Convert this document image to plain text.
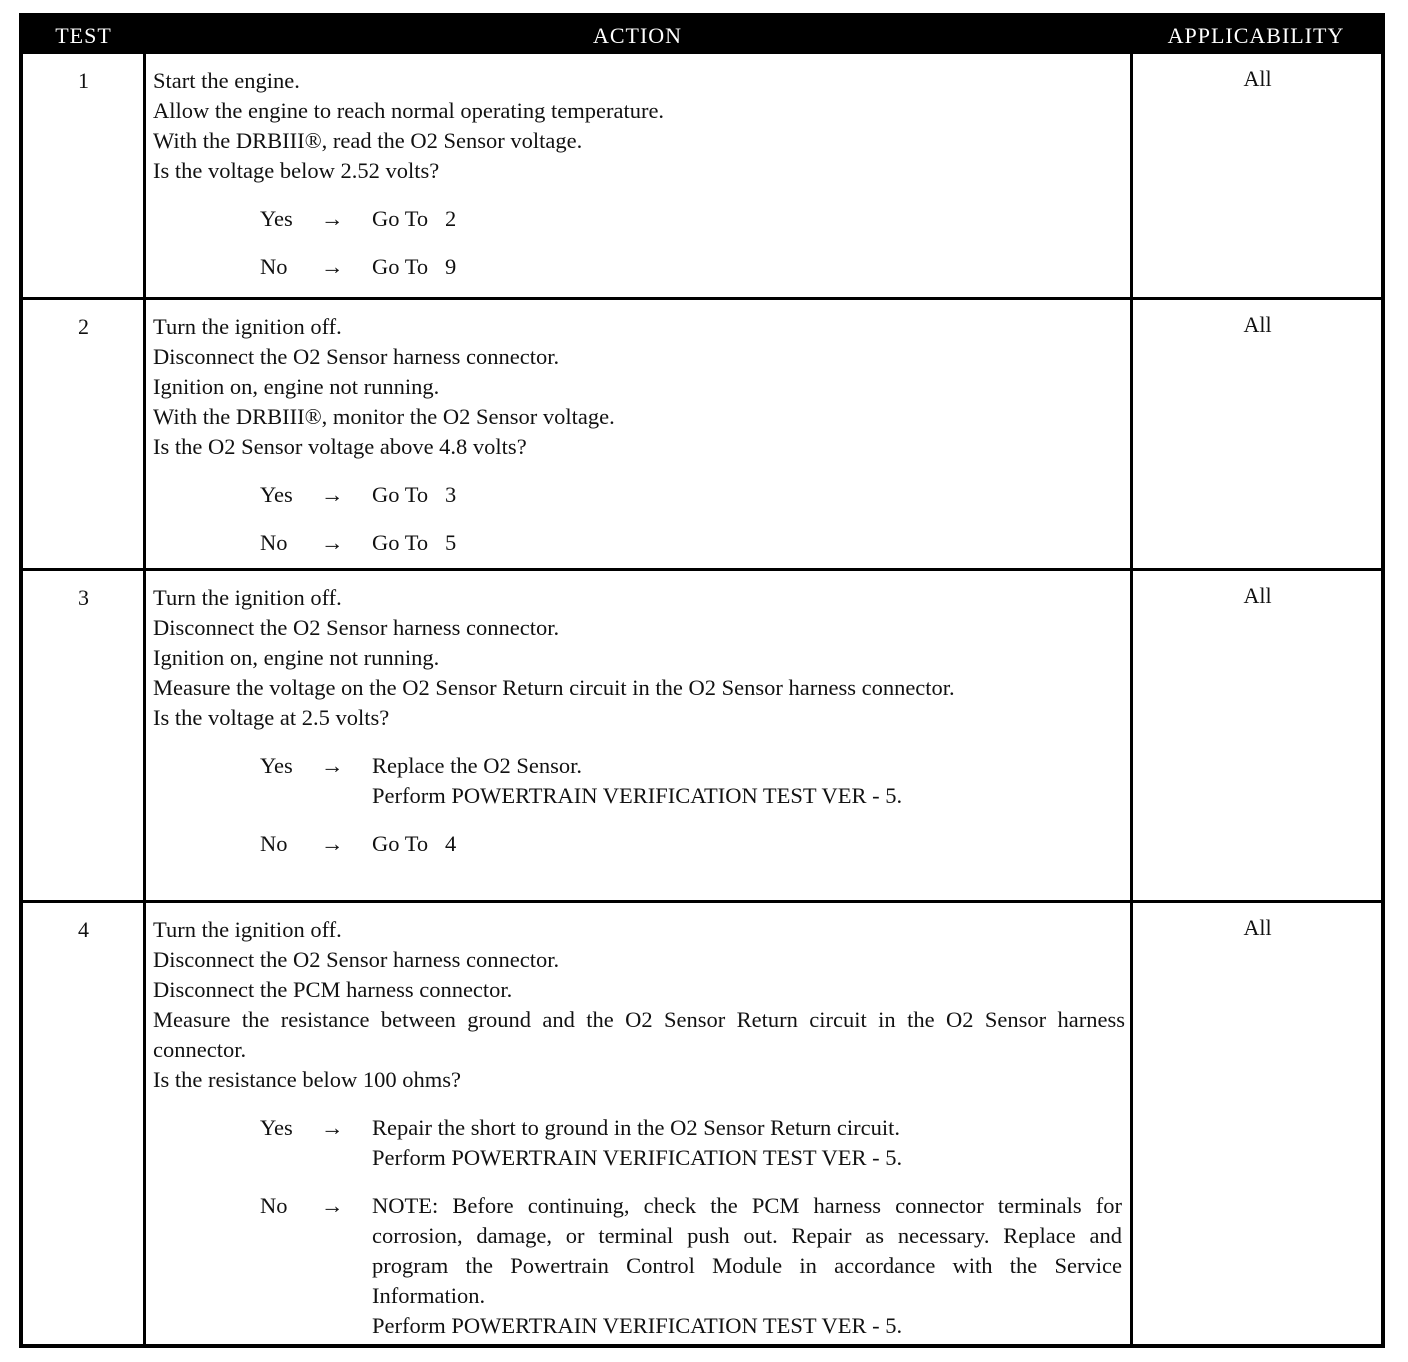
TEST	ACTION	APPLICABILITY
1	Start the engine.
Allow the engine to reach normal operating temperature.
With the DRBIII®, read the O2 Sensor voltage.
Is the voltage below 2.52 volts?
Yes	→	Go To   2
No	→	Go To   9
All
2	Turn the ignition off.
Disconnect the O2 Sensor harness connector.
Ignition on, engine not running.
With the DRBIII®, monitor the O2 Sensor voltage.
Is the O2 Sensor voltage above 4.8 volts?
Yes	→	Go To   3
No	→	Go To   5
All
3	Turn the ignition off.
Disconnect the O2 Sensor harness connector.
Ignition on, engine not running.
Measure the voltage on the O2 Sensor Return circuit in the O2 Sensor harness connector.
Is the voltage at 2.5 volts?
Yes	→	Replace the O2 Sensor.
Perform POWERTRAIN VERIFICATION TEST VER - 5.
No	→	Go To   4
All
4	Turn the ignition off.
Disconnect the O2 Sensor harness connector.
Disconnect the PCM harness connector.
Measure the resistance between ground and the O2 Sensor Return circuit in the O2 Sensor harness connector.
Is the resistance below 100 ohms?
Yes	→	Repair the short to ground in the O2 Sensor Return circuit.
Perform POWERTRAIN VERIFICATION TEST VER - 5.
No	→	NOTE: Before continuing, check the PCM harness connector terminals for corrosion, damage, or terminal push out. Repair as necessary. Replace and program the Powertrain Control Module in accordance with the Service Information.
Perform POWERTRAIN VERIFICATION TEST VER - 5.
All
